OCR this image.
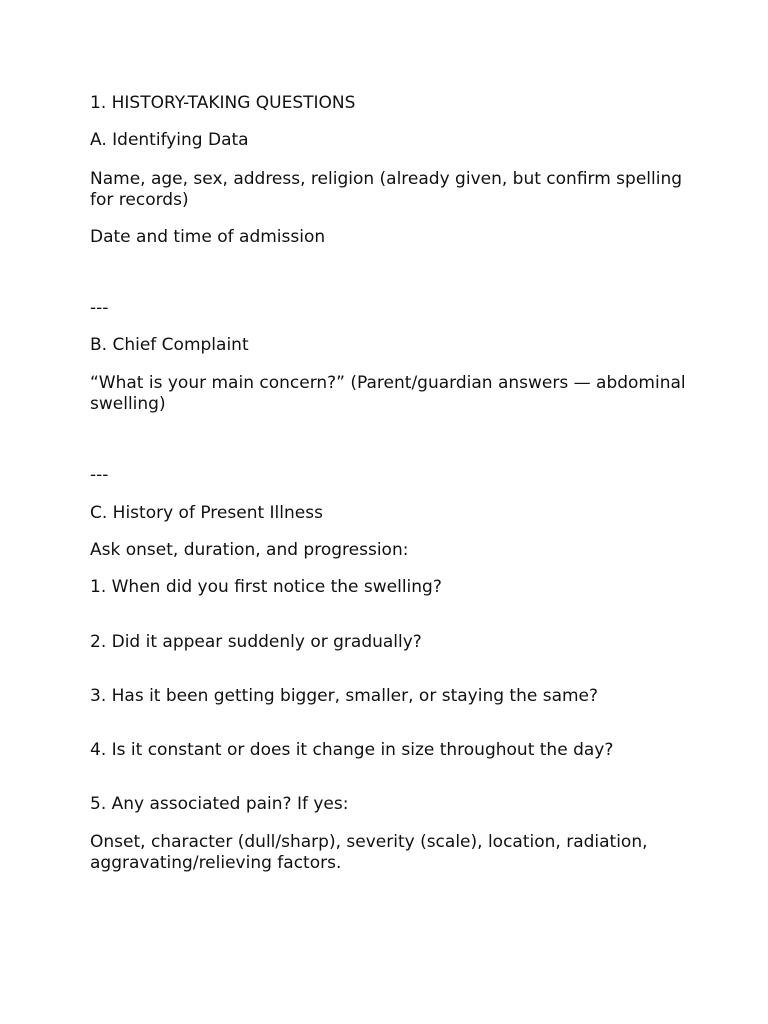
1. HISTORY-TAKING QUESTIONS

A. Identifying Data

Name, age, sex, address, religion (already given, but confirm spelling for records)

Date and time of admission

---

B. Chief Complaint

“What is your main concern?” (Parent/guardian answers — abdominal swelling)

---

C. History of Present Illness

Ask onset, duration, and progression:

1. When did you first notice the swelling?

2. Did it appear suddenly or gradually?

3. Has it been getting bigger, smaller, or staying the same?

4. Is it constant or does it change in size throughout the day?

5. Any associated pain? If yes:

Onset, character (dull/sharp), severity (scale), location, radiation, aggravating/relieving factors.
